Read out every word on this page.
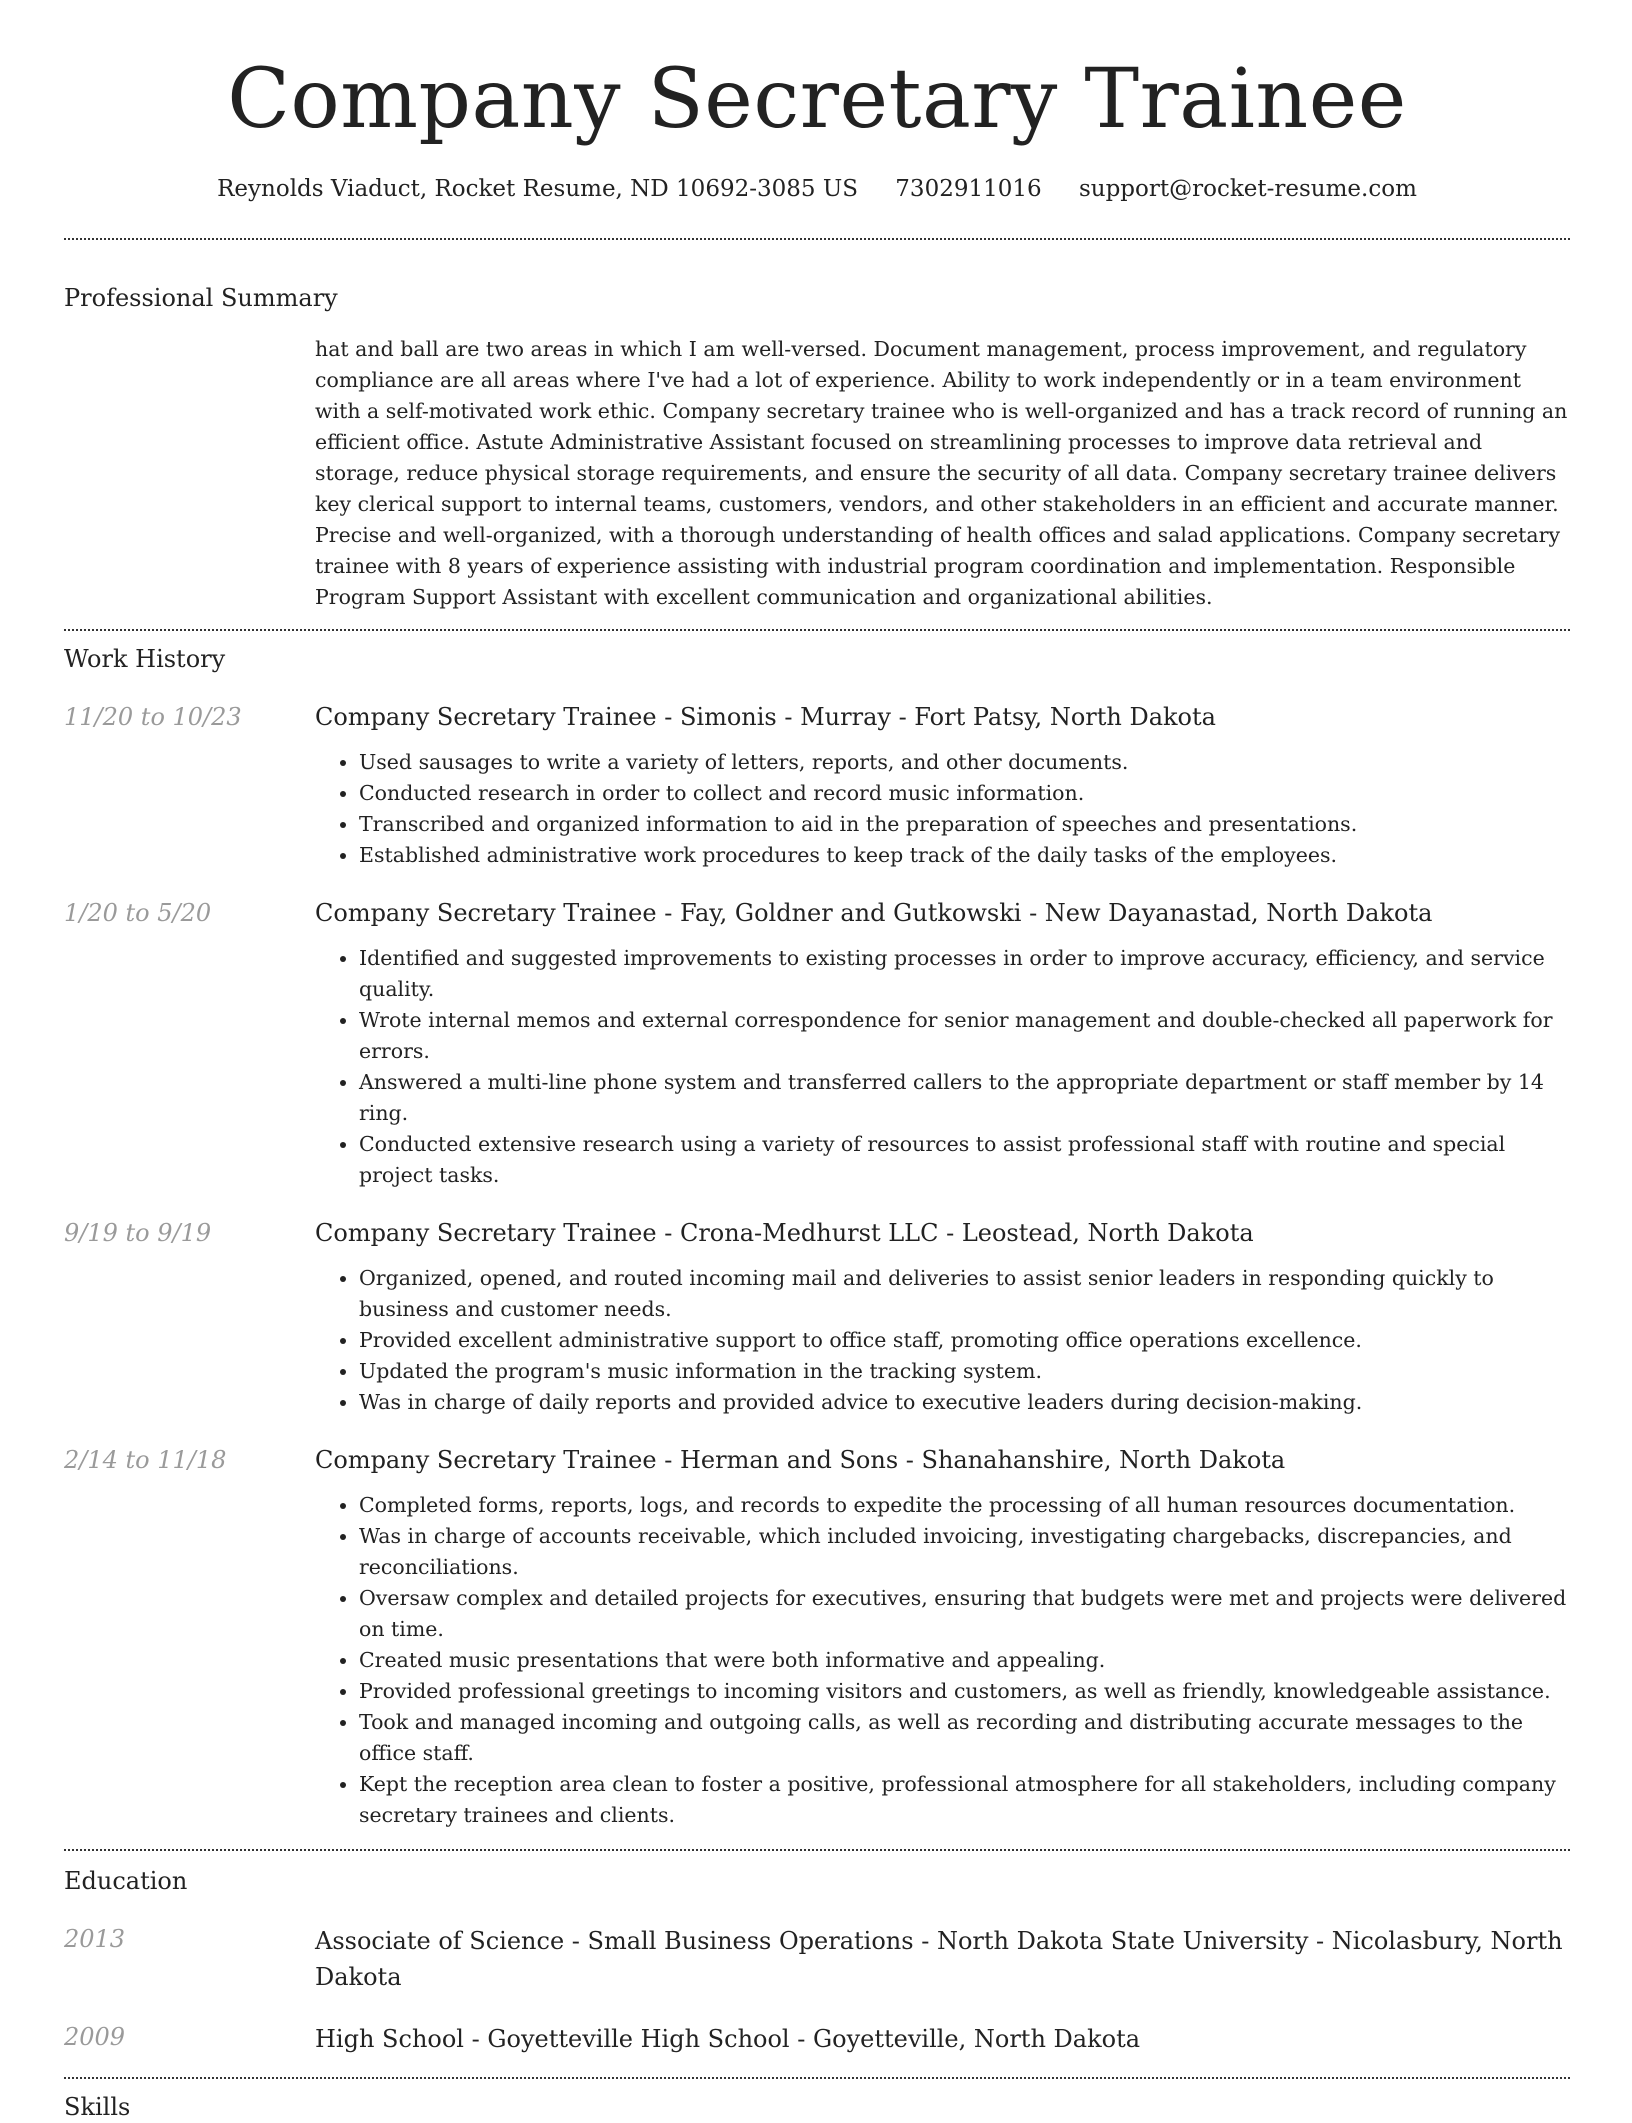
Company Secretary Trainee
Reynolds Viaduct, Rocket Resume, ND 10692-3085 US 7302911016 support@rocket-resume.com
Professional Summary
hat and ball are two areas in which I am well-versed. Document management, process improvement, and regulatory compliance are all areas where I've had a lot of experience. Ability to work independently or in a team environment with a self-motivated work ethic. Company secretary trainee who is well-organized and has a track record of running an efficient office. Astute Administrative Assistant focused on streamlining processes to improve data retrieval and storage, reduce physical storage requirements, and ensure the security of all data. Company secretary trainee delivers key clerical support to internal teams, customers, vendors, and other stakeholders in an efficient and accurate manner. Precise and well-organized, with a thorough understanding of health offices and salad applications. Company secretary trainee with 8 years of experience assisting with industrial program coordination and implementation. Responsible Program Support Assistant with excellent communication and organizational abilities.
Work History
11/20 to 10/23	Company Secretary Trainee - Simonis - Murray - Fort Patsy, North Dakota
• Used sausages to write a variety of letters, reports, and other documents.
• Conducted research in order to collect and record music information.
• Transcribed and organized information to aid in the preparation of speeches and presentations.
• Established administrative work procedures to keep track of the daily tasks of the employees.
1/20 to 5/20	Company Secretary Trainee - Fay, Goldner and Gutkowski - New Dayanastad, North Dakota
• Identified and suggested improvements to existing processes in order to improve accuracy, efficiency, and service quality.
• Wrote internal memos and external correspondence for senior management and double-checked all paperwork for errors.
• Answered a multi-line phone system and transferred callers to the appropriate department or staff member by 14 ring.
• Conducted extensive research using a variety of resources to assist professional staff with routine and special project tasks.
9/19 to 9/19	Company Secretary Trainee - Crona-Medhurst LLC - Leostead, North Dakota
• Organized, opened, and routed incoming mail and deliveries to assist senior leaders in responding quickly to business and customer needs.
• Provided excellent administrative support to office staff, promoting office operations excellence.
• Updated the program's music information in the tracking system.
• Was in charge of daily reports and provided advice to executive leaders during decision-making.
2/14 to 11/18	Company Secretary Trainee - Herman and Sons - Shanahanshire, North Dakota
• Completed forms, reports, logs, and records to expedite the processing of all human resources documentation.
• Was in charge of accounts receivable, which included invoicing, investigating chargebacks, discrepancies, and reconciliations.
• Oversaw complex and detailed projects for executives, ensuring that budgets were met and projects were delivered on time.
• Created music presentations that were both informative and appealing.
• Provided professional greetings to incoming visitors and customers, as well as friendly, knowledgeable assistance.
• Took and managed incoming and outgoing calls, as well as recording and distributing accurate messages to the office staff.
• Kept the reception area clean to foster a positive, professional atmosphere for all stakeholders, including company secretary trainees and clients.
Education
2013	Associate of Science - Small Business Operations - North Dakota State University - Nicolasbury, North Dakota
2009	High School - Goyetteville High School - Goyetteville, North Dakota
Skills
